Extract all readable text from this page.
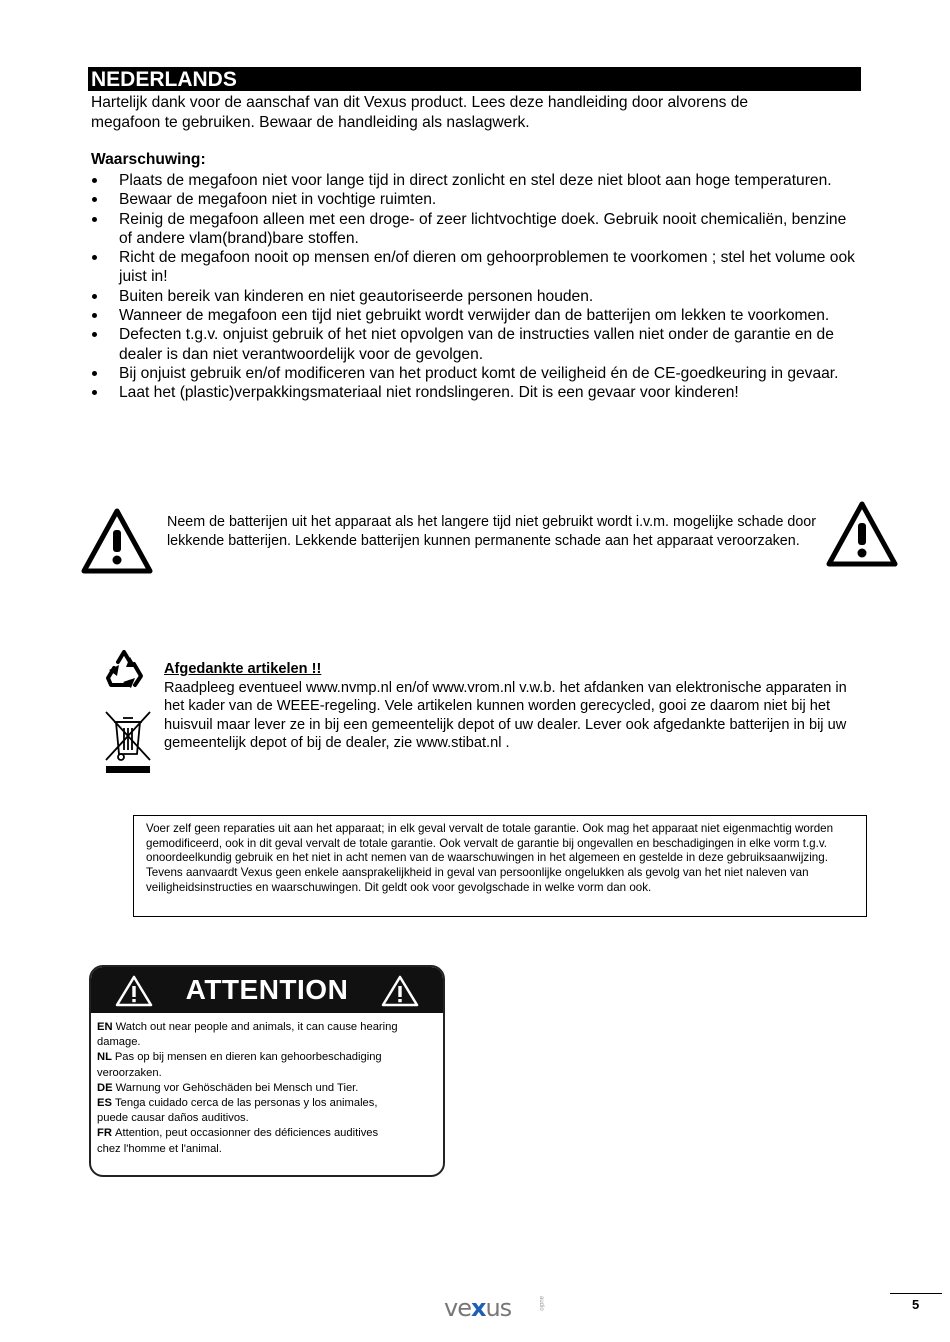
NEDERLANDS
Hartelijk dank voor de aanschaf van dit Vexus product. Lees deze handleiding door alvorens de
megafoon te gebruiken. Bewaar de handleiding als naslagwerk.
Waarschuwing:
Plaats de megafoon niet voor lange tijd in direct zonlicht en stel deze niet bloot aan hoge temperaturen.
Bewaar de megafoon niet in vochtige ruimten.
Reinig de megafoon alleen met een droge- of zeer lichtvochtige doek. Gebruik nooit chemicaliën, benzine of andere vlam(brand)bare stoffen.
Richt de megafoon nooit op mensen en/of dieren om gehoorproblemen te voorkomen ; stel het volume ook juist in!
Buiten bereik van kinderen en niet geautoriseerde personen houden.
Wanneer de megafoon een tijd niet gebruikt wordt verwijder dan de batterijen om lekken te voorkomen.
Defecten t.g.v. onjuist gebruik of het niet opvolgen van de instructies vallen niet onder de garantie en de dealer is dan niet verantwoordelijk voor de gevolgen.
Bij onjuist gebruik en/of modificeren van het product komt de veiligheid én de CE-goedkeuring in gevaar.
Laat het (plastic)verpakkingsmateriaal niet rondslingeren. Dit is een gevaar voor kinderen!
Neem de batterijen uit het apparaat als het langere tijd niet gebruikt wordt i.v.m. mogelijke schade door lekkende batterijen. Lekkende batterijen kunnen permanente schade aan het apparaat veroorzaken.
Afgedankte artikelen !!
Raadpleeg eventueel www.nvmp.nl en/of www.vrom.nl v.w.b. het afdanken van elektronische apparaten in het kader van de WEEE-regeling. Vele artikelen kunnen worden gerecycled, gooi ze daarom niet bij het huisvuil maar lever ze in bij een gemeentelijk depot of uw dealer. Lever ook afgedankte batterijen in bij uw gemeentelijk depot of bij de dealer, zie www.stibat.nl .
Voer zelf geen reparaties uit aan het apparaat; in elk geval vervalt de totale garantie. Ook mag het apparaat niet eigenmachtig worden gemodificeerd, ook in dit geval vervalt de totale garantie. Ook vervalt de garantie bij ongevallen en beschadigingen in elke vorm t.g.v. onoordeelkundig gebruik en het niet in acht nemen van de waarschuwingen in het algemeen en gestelde in deze gebruiksaanwijzing. Tevens aanvaardt Vexus geen enkele aansprakelijkheid in geval van persoonlijke ongelukken als gevolg van het niet naleven van veiligheidsinstructies en waarschuwingen. Dit geldt ook voor gevolgschade in welke vorm dan ook.
ATTENTION
EN Watch out near people and animals, it can cause hearing
damage.
NL Pas op bij mensen en dieren kan gehoorbeschadiging
veroorzaken.
DE Warnung vor Gehöschäden bei Mensch und Tier.
ES Tenga cuidado cerca de las personas y los animales,
puede causar daños auditivos.
FR Attention, peut occasionner des déficiences auditives
chez l'homme et l'animal.
vexus	audio	5
